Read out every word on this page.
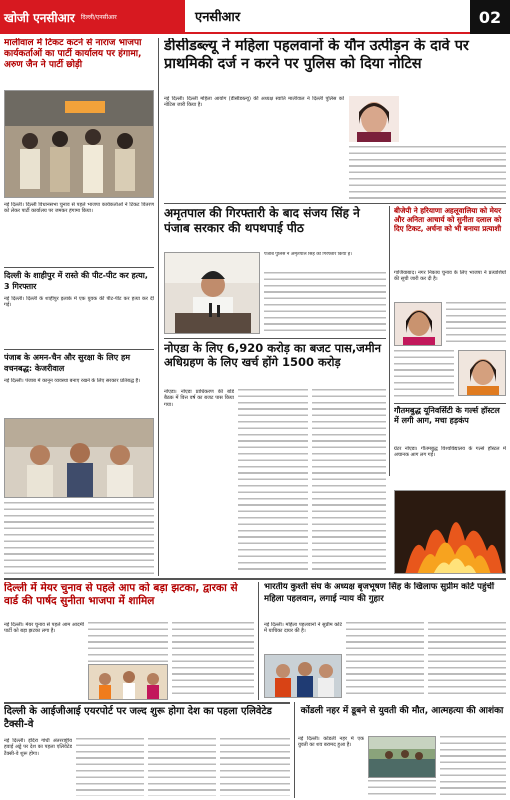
खोजी एनसीआर दिल्ली/एनसीआर	एनसीआर	02
मालीवाल में टिकट कटने से नाराज भाजपा कार्यकर्ताओं का पार्टी कार्यालय पर हंगामा, अरुण जैन ने पार्टी छोड़ी
नई दिल्ली। दिल्ली विधानसभा चुनाव से पहले भाजपा कार्यकर्ताओं ने टिकट वितरण को लेकर पार्टी कार्यालय पर जमकर हंगामा किया।
डीसीडब्ल्यू ने महिला पहलवानों के यौन उत्पीड़न के दावे पर प्राथमिकी दर्ज न करने पर पुलिस को दिया नोटिस
नई दिल्ली। दिल्ली महिला आयोग (डीसीडब्ल्यू) की अध्यक्ष स्वाति मालीवाल ने दिल्ली पुलिस को नोटिस जारी किया है।
अमृतपाल की गिरफ्तारी के बाद संजय सिंह ने पंजाब सरकार की थपथपाई पीठ
पंजाब पुलिस ने अमृतपाल सिंह को गिरफ्तार किया है।
बीजेपी ने हरियाणा अहलूवालिया को मेयर और अनिता आचार्य को सुनीता दलाल को दिए टिकट, अर्चना को भी बनाया प्रत्याशी
गाजियाबाद। नगर निकाय चुनाव के लिए भाजपा ने प्रत्याशियों की सूची जारी कर दी है।
दिल्ली के शाहीपुर में रास्ते की पीट-पीट कर हत्या, 3 गिरफ्तार
नई दिल्ली। दिल्ली के शाहीपुर इलाके में एक युवक की पीट-पीट कर हत्या कर दी गई।
पंजाब के अमन-चैन और सुरक्षा के लिए हम वचनबद्ध: केजरीवाल
नई दिल्ली। पंजाब में कानून व्यवस्था बनाए रखने के लिए सरकार प्रतिबद्ध है।
नोएडा के लिए 6,920 करोड़ का बजट पास,जमीन अधिग्रहण के लिए खर्च होंगे 1500 करोड़
नोएडा। नोएडा प्राधिकरण की बोर्ड बैठक में वित्त वर्ष का बजट पास किया गया।
गौतमबुद्ध यूनिवर्सिटी के गर्ल्स हॉस्टल में लगी आग, मचा हड़कंप
ग्रेटर नोएडा। गौतमबुद्ध विश्वविद्यालय के गर्ल्स हॉस्टल में अचानक आग लग गई।
दिल्ली में मेयर चुनाव से पहले आप को बड़ा झटका, द्वारका से वार्ड की पार्षद सुनीता भाजपा में शामिल
नई दिल्ली। मेयर चुनाव से पहले आम आदमी पार्टी को बड़ा झटका लगा है।
भारतीय कुश्ती संघ के अध्यक्ष बृजभूषण सिंह के खिलाफ सुप्रीम कोर्ट पहुंचीं महिला पहलवान, लगाई न्याय की गुहार
नई दिल्ली। महिला पहलवानों ने सुप्रीम कोर्ट में याचिका दायर की है।
दिल्ली के आईजीआई एयरपोर्ट पर जल्द शुरू होगा देश का पहला एलिवेटेड टैक्सी-वे
नई दिल्ली। इंदिरा गांधी अंतरराष्ट्रीय हवाई अड्डे पर देश का पहला एलिवेटेड टैक्सी-वे शुरू होगा।
कोंडली नहर में डूबने से युवती की मौत, आत्महत्या की आशंका
नई दिल्ली। कोंडली नहर में एक युवती का शव बरामद हुआ है।
